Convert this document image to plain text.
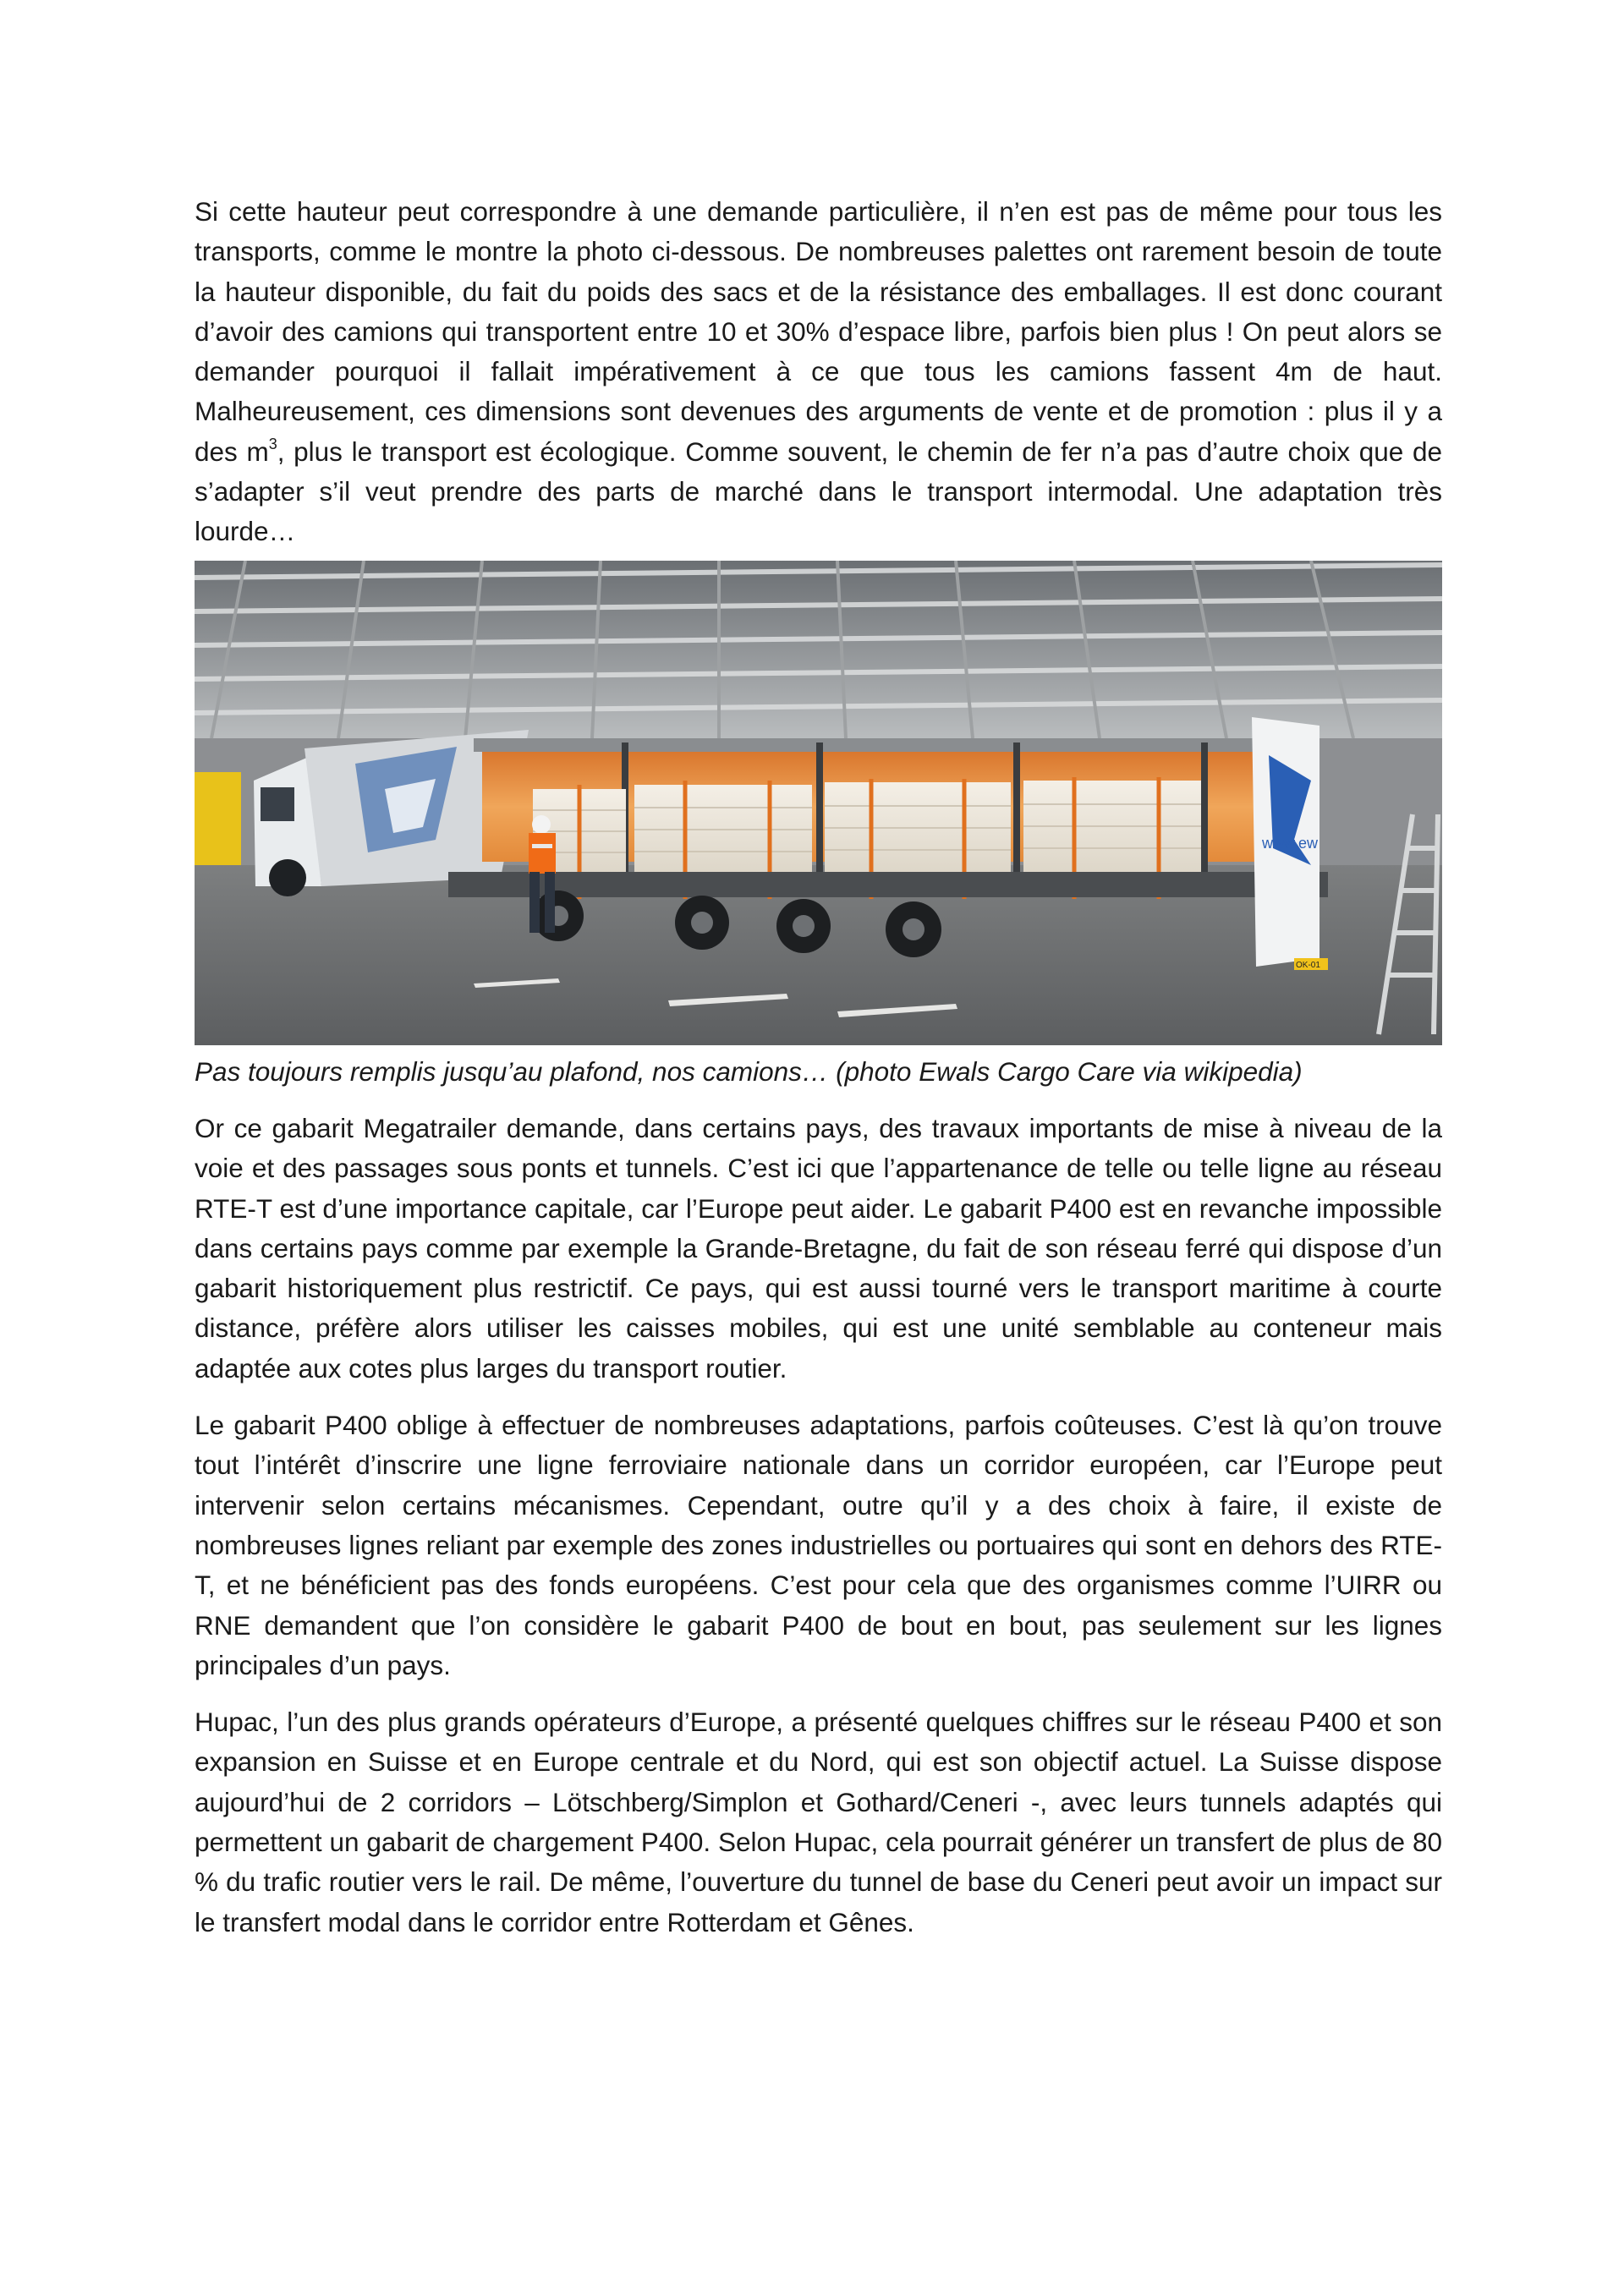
Si cette hauteur peut correspondre à une demande particulière, il n’en est pas de même pour tous les transports, comme le montre la photo ci-dessous. De nombreuses palettes ont rarement besoin de toute la hauteur disponible, du fait du poids des sacs et de la résistance des emballages. Il est donc courant d’avoir des camions qui transportent entre 10 et 30% d’espace libre, parfois bien plus ! On peut alors se demander pourquoi il fallait impérativement à ce que tous les camions fassent 4m de haut. Malheureusement, ces dimensions sont devenues des arguments de vente et de promotion : plus il y a des $m^3$, plus le transport est écologique. Comme souvent, le chemin de fer n’a pas d’autre choix que de s’adapter s’il veut prendre des parts de marché dans le transport intermodal. Une adaptation très lourde…

www.ew
OK-01

Pas toujours remplis jusqu’au plafond, nos camions… (photo Ewals Cargo Care via wikipedia)

Or ce gabarit Megatrailer demande, dans certains pays, des travaux importants de mise à niveau de la voie et des passages sous ponts et tunnels. C’est ici que l’appartenance de telle ou telle ligne au réseau RTE-T est d’une importance capitale, car l’Europe peut aider. Le gabarit P400 est en revanche impossible dans certains pays comme par exemple la Grande-Bretagne, du fait de son réseau ferré qui dispose d’un gabarit historiquement plus restrictif. Ce pays, qui est aussi tourné vers le transport maritime à courte distance, préfère alors utiliser les caisses mobiles, qui est une unité semblable au conteneur mais adaptée aux cotes plus larges du transport routier.

Le gabarit P400 oblige à effectuer de nombreuses adaptations, parfois coûteuses. C’est là qu’on trouve tout l’intérêt d’inscrire une ligne ferroviaire nationale dans un corridor européen, car l’Europe peut intervenir selon certains mécanismes. Cependant, outre qu’il y a des choix à faire, il existe de nombreuses lignes reliant par exemple des zones industrielles ou portuaires qui sont en dehors des RTE-T, et ne bénéficient pas des fonds européens. C’est pour cela que des organismes comme l’UIRR ou RNE demandent que l’on considère le gabarit P400 de bout en bout, pas seulement sur les lignes principales d’un pays.

Hupac, l’un des plus grands opérateurs d’Europe, a présenté quelques chiffres sur le réseau P400 et son expansion en Suisse et en Europe centrale et du Nord, qui est son objectif actuel. La Suisse dispose aujourd’hui de 2 corridors – Lötschberg/Simplon et Gothard/Ceneri -, avec leurs tunnels adaptés qui permettent un gabarit de chargement P400. Selon Hupac, cela pourrait générer un transfert de plus de 80 % du trafic routier vers le rail. De même, l’ouverture du tunnel de base du Ceneri peut avoir un impact sur le transfert modal dans le corridor entre Rotterdam et Gênes.
